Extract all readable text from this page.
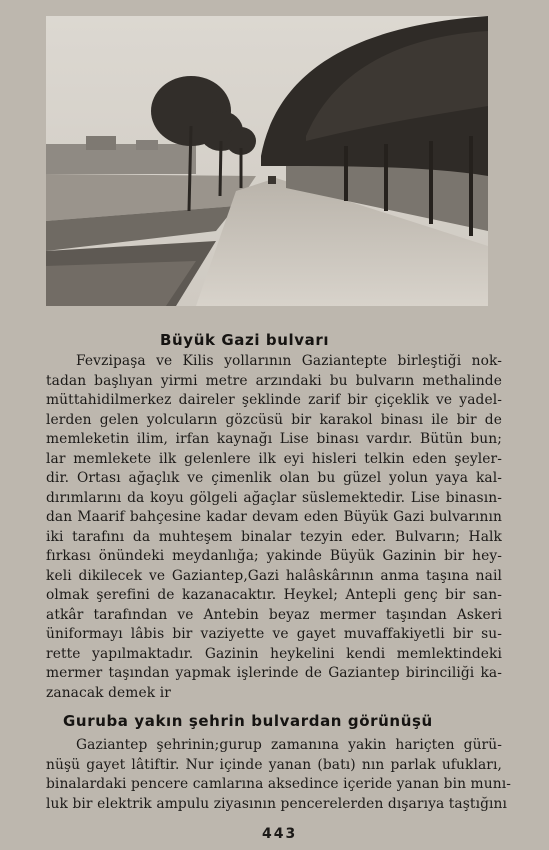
Büyük Gazi bulvarı
Fevzipaşa ve Kilis yollarının Gaziantepte birleştiği nok-
tadan başlıyan yirmi metre arzındaki bu bulvarın methalinde
müttahidilmerkez daireler şeklinde zarif bir çiçeklik ve yadel-
lerden gelen yolcuların gözcüsü bir karakol binası ile bir de
memleketin ilim, irfan kaynağı Lise binası vardır. Bütün bun;
lar memlekete ilk gelenlere ilk eyi hisleri telkin eden şeyler-
dir. Ortası ağaçlık ve çimenlik olan bu güzel yolun yaya kal-
dırımlarını da koyu gölgeli ağaçlar süslemektedir. Lise binasın-
dan Maarif bahçesine kadar devam eden Büyük Gazi bulvarının
iki tarafını da muhteşem binalar tezyin eder. Bulvarın; Halk
fırkası önündeki meydanlığa; yakinde Büyük Gazinin bir hey-
keli dikilecek ve Gaziantep,Gazi halâskârının anma taşına nail
olmak şerefini de kazanacaktır. Heykel; Antepli genç bir san-
atkâr tarafından ve Antebin beyaz mermer taşından Askeri
üniformayı lâbis bir vaziyette ve gayet muvaffakiyetli bir su-
rette yapılmaktadır. Gazinin heykelini kendi memlektindeki
mermer taşından yapmak işlerinde de Gaziantep birinciliği ka-
zanacak demek ir
Guruba yakın şehrin bulvardan görünüşü
Gaziantep şehrinin;gurup zamanına yakin hariçten gürü-
nüşü gayet lâtiftir. Nur içinde yanan (batı) nın parlak ufukları,
binalardaki pencere camlarına aksedince içeride yanan bin munı-
luk bir elektrik ampulu ziyasının pencerelerden dışarıya taştığını
443
